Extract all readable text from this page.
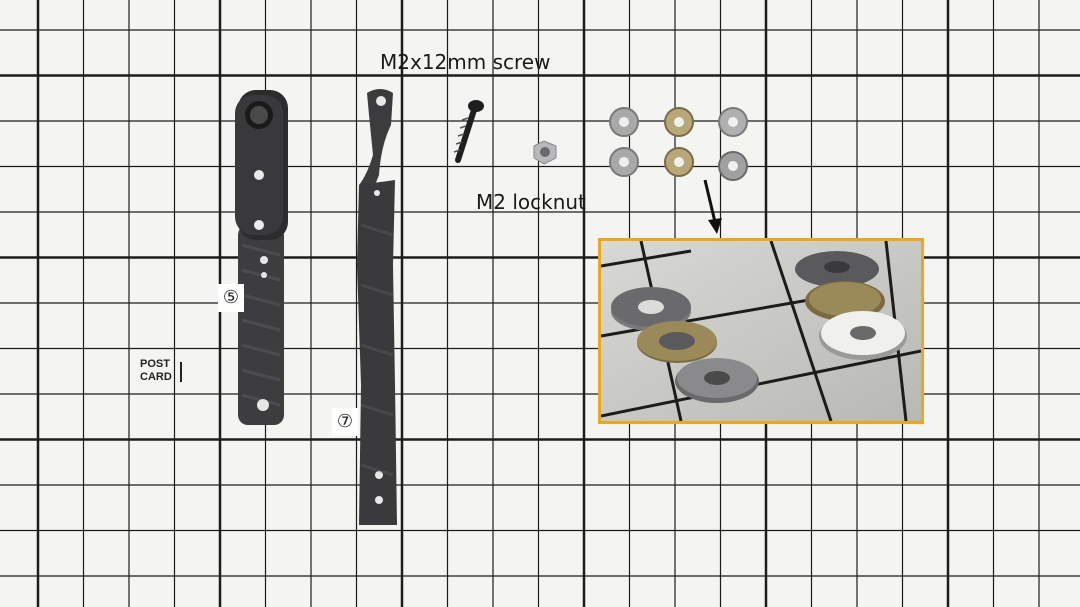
M2x12mm screw
M2 locknut
⑤
⑦
POST
CARD
